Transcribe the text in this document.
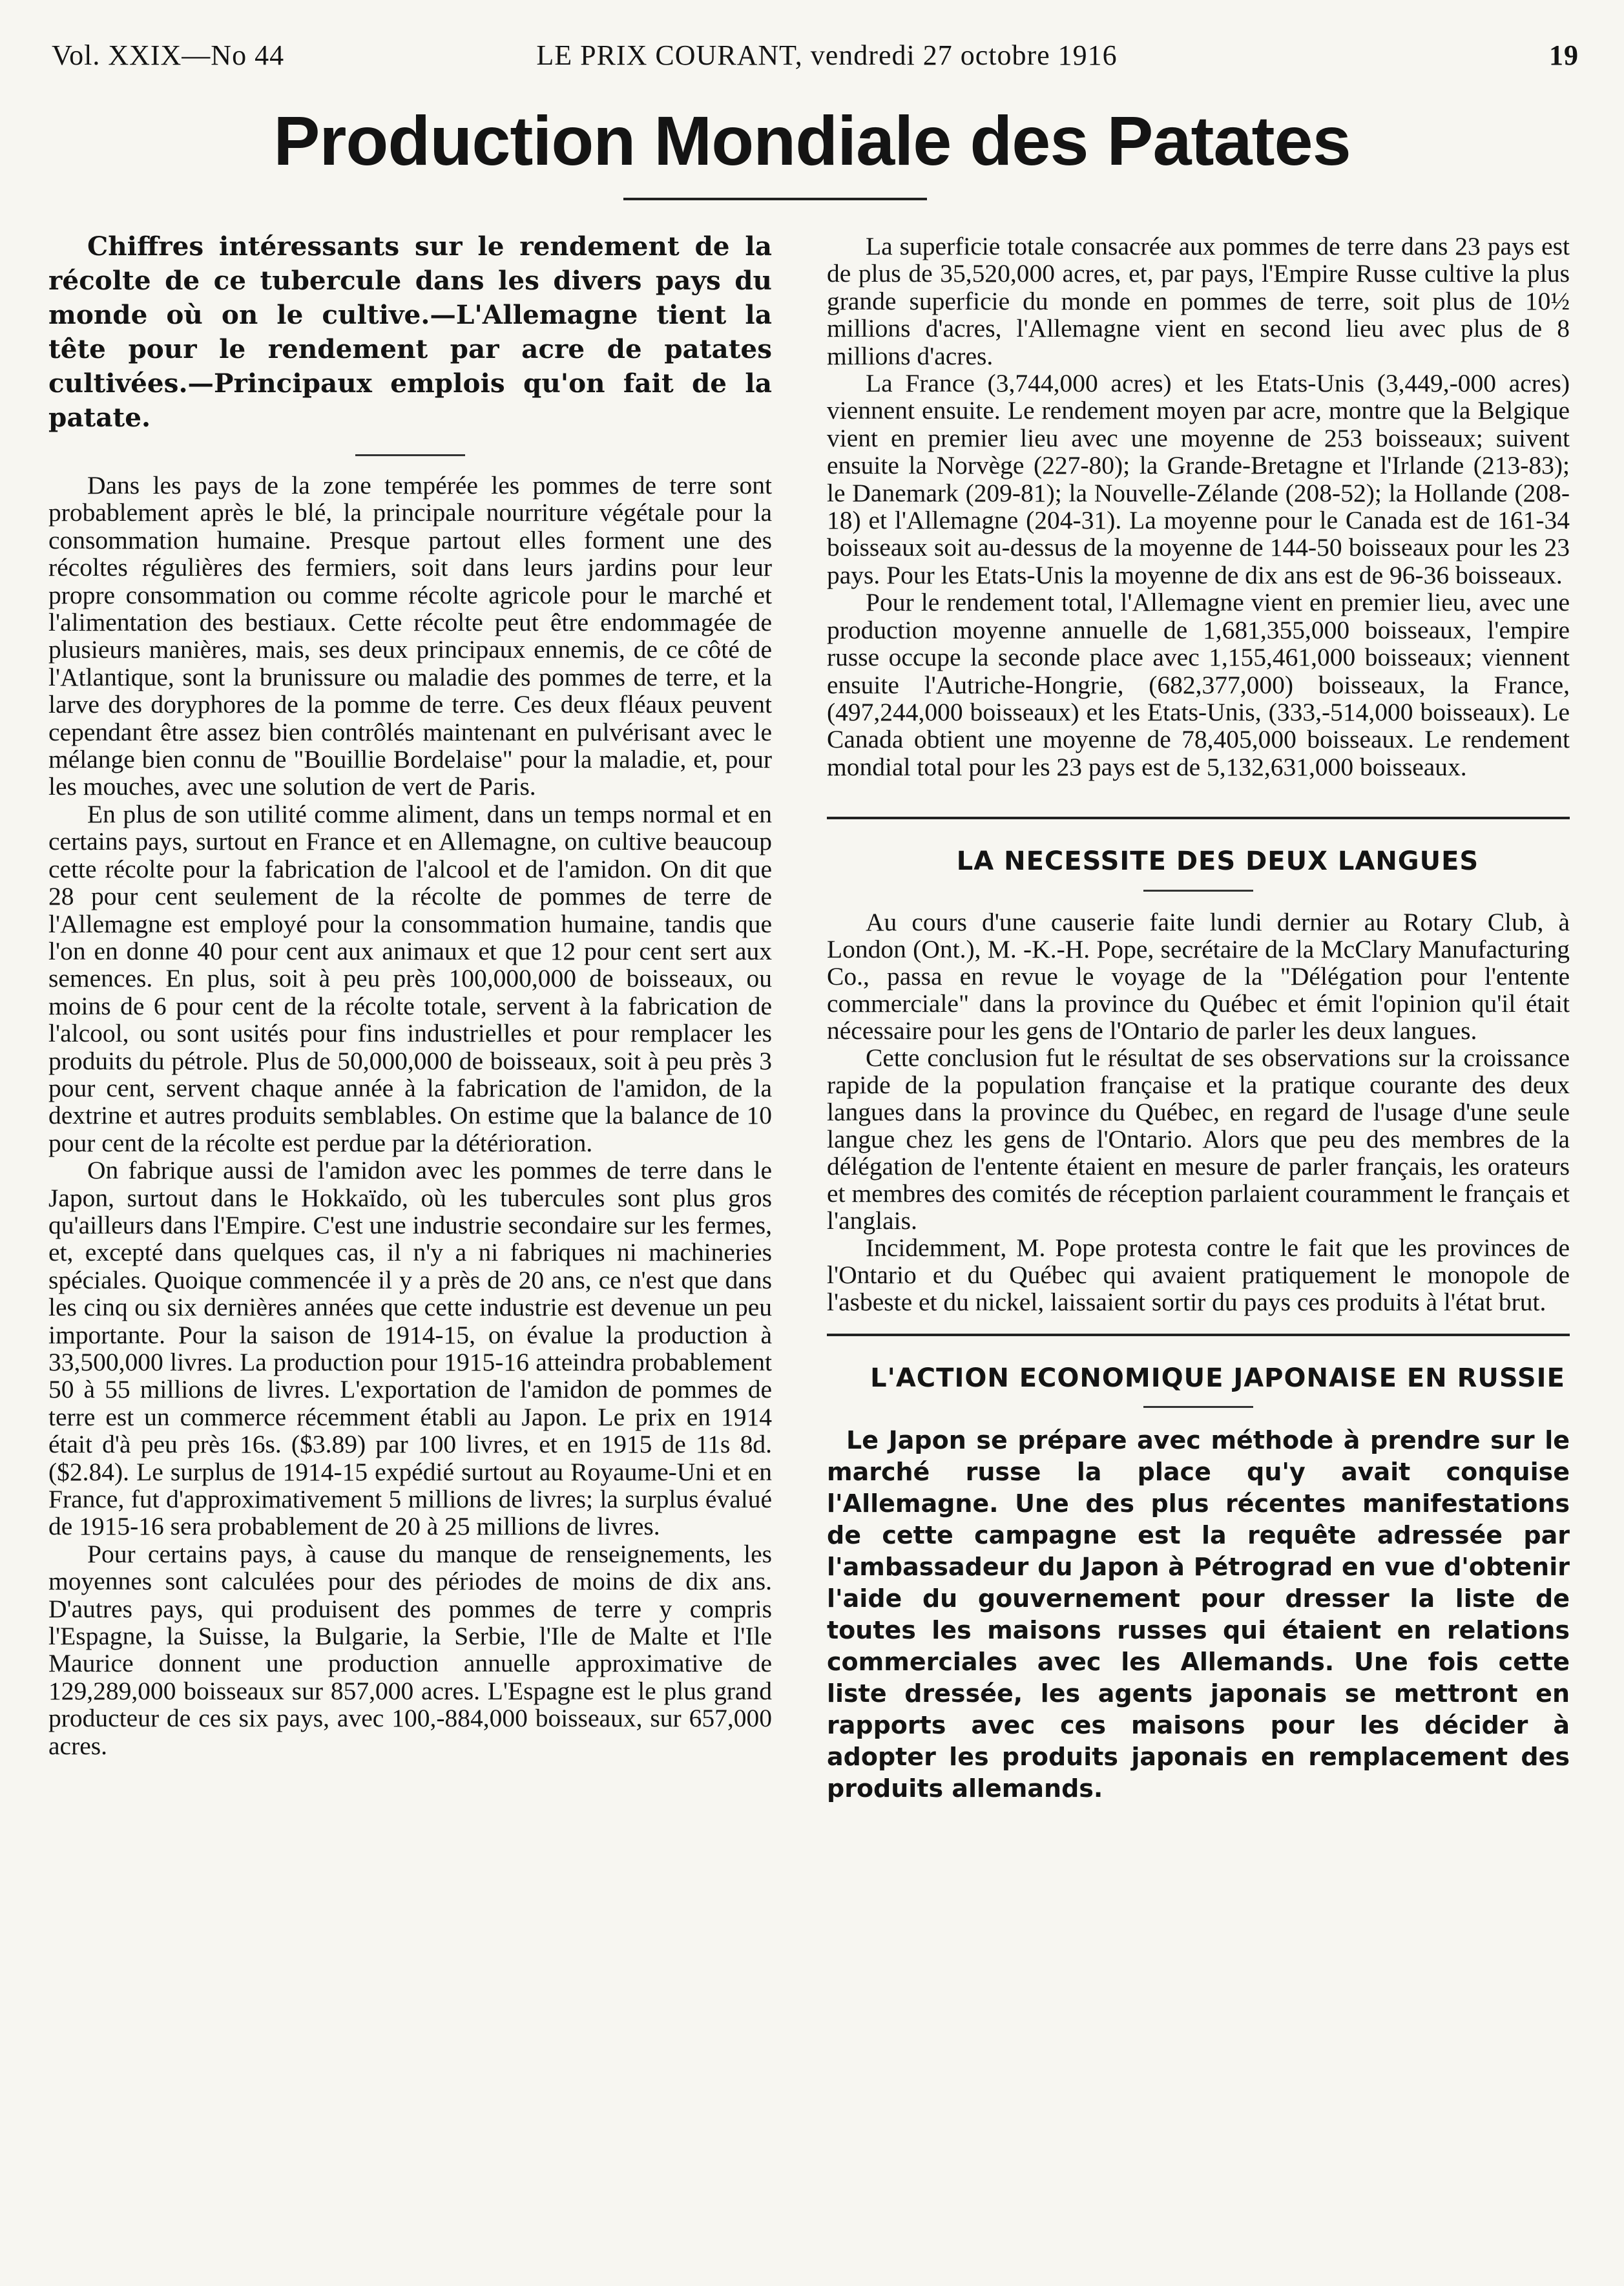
Vol. XXIX—No 44	LE PRIX COURANT, vendredi 27 octobre 1916	19
Production Mondiale des Patates

Chiffres intéressants sur le rendement de la récolte de ce tubercule dans les divers pays du monde où on le cultive.—L'Allemagne tient la tête pour le rendement par acre de patates cultivées.—Principaux emplois qu'on fait de la patate.

Dans les pays de la zone tempérée les pommes de terre sont probablement après le blé, la principale nourriture végétale pour la consommation humaine. Presque partout elles forment une des récoltes régulières des fermiers, soit dans leurs jardins pour leur propre consommation ou comme récolte agricole pour le marché et l'alimentation des bestiaux. Cette récolte peut être endommagée de plusieurs manières, mais, ses deux principaux ennemis, de ce côté de l'Atlantique, sont la brunissure ou maladie des pommes de terre, et la larve des doryphores de la pomme de terre. Ces deux fléaux peuvent cependant être assez bien contrôlés maintenant en pulvérisant avec le mélange bien connu de "Bouillie Bordelaise" pour la maladie, et, pour les mouches, avec une solution de vert de Paris.

En plus de son utilité comme aliment, dans un temps normal et en certains pays, surtout en France et en Allemagne, on cultive beaucoup cette récolte pour la fabrication de l'alcool et de l'amidon. On dit que 28 pour cent seulement de la récolte de pommes de terre de l'Allemagne est employé pour la consommation humaine, tandis que l'on en donne 40 pour cent aux animaux et que 12 pour cent sert aux semences. En plus, soit à peu près 100,000,000 de boisseaux, ou moins de 6 pour cent de la récolte totale, servent à la fabrication de l'alcool, ou sont usités pour fins industrielles et pour remplacer les produits du pétrole. Plus de 50,000,000 de boisseaux, soit à peu près 3 pour cent, servent chaque année à la fabrication de l'amidon, de la dextrine et autres produits semblables. On estime que la balance de 10 pour cent de la récolte est perdue par la détérioration.

On fabrique aussi de l'amidon avec les pommes de terre dans le Japon, surtout dans le Hokkaïdo, où les tubercules sont plus gros qu'ailleurs dans l'Empire. C'est une industrie secondaire sur les fermes, et, excepté dans quelques cas, il n'y a ni fabriques ni machineries spéciales. Quoique commencée il y a près de 20 ans, ce n'est que dans les cinq ou six dernières années que cette industrie est devenue un peu importante. Pour la saison de 1914-15, on évalue la production à 33,500,000 livres. La production pour 1915-16 atteindra probablement 50 à 55 millions de livres. L'exportation de l'amidon de pommes de terre est un commerce récemment établi au Japon. Le prix en 1914 était d'à peu près 16s. ($3.89) par 100 livres, et en 1915 de 11s 8d. ($2.84). Le surplus de 1914-15 expédié surtout au Royaume-Uni et en France, fut d'approximativement 5 millions de livres; la surplus évalué de 1915-16 sera probablement de 20 à 25 millions de livres.

Pour certains pays, à cause du manque de renseignements, les moyennes sont calculées pour des périodes de moins de dix ans. D'autres pays, qui produisent des pommes de terre y compris l'Espagne, la Suisse, la Bulgarie, la Serbie, l'Ile de Malte et l'Ile Maurice donnent une production annuelle approximative de 129,289,000 boisseaux sur 857,000 acres. L'Espagne est le plus grand producteur de ces six pays, avec 100,-884,000 boisseaux, sur 657,000 acres.

La superficie totale consacrée aux pommes de terre dans 23 pays est de plus de 35,520,000 acres, et, par pays, l'Empire Russe cultive la plus grande superficie du monde en pommes de terre, soit plus de 10½ millions d'acres, l'Allemagne vient en second lieu avec plus de 8 millions d'acres.

La France (3,744,000 acres) et les Etats-Unis (3,449,-000 acres) viennent ensuite. Le rendement moyen par acre, montre que la Belgique vient en premier lieu avec une moyenne de 253 boisseaux; suivent ensuite la Norvège (227-80); la Grande-Bretagne et l'Irlande (213-83); le Danemark (209-81); la Nouvelle-Zélande (208-52); la Hollande (208-18) et l'Allemagne (204-31). La moyenne pour le Canada est de 161-34 boisseaux soit au-dessus de la moyenne de 144-50 boisseaux pour les 23 pays. Pour les Etats-Unis la moyenne de dix ans est de 96-36 boisseaux.

Pour le rendement total, l'Allemagne vient en premier lieu, avec une production moyenne annuelle de 1,681,355,000 boisseaux, l'empire russe occupe la seconde place avec 1,155,461,000 boisseaux; viennent ensuite l'Autriche-Hongrie, (682,377,000) boisseaux, la France, (497,244,000 boisseaux) et les Etats-Unis, (333,-514,000 boisseaux). Le Canada obtient une moyenne de 78,405,000 boisseaux. Le rendement mondial total pour les 23 pays est de 5,132,631,000 boisseaux.

LA NECESSITE DES DEUX LANGUES

Au cours d'une causerie faite lundi dernier au Rotary Club, à London (Ont.), M. -K.-H. Pope, secrétaire de la McClary Manufacturing Co., passa en revue le voyage de la "Délégation pour l'entente commerciale" dans la province du Québec et émit l'opinion qu'il était nécessaire pour les gens de l'Ontario de parler les deux langues.

Cette conclusion fut le résultat de ses observations sur la croissance rapide de la population française et la pratique courante des deux langues dans la province du Québec, en regard de l'usage d'une seule langue chez les gens de l'Ontario. Alors que peu des membres de la délégation de l'entente étaient en mesure de parler français, les orateurs et membres des comités de réception parlaient couramment le français et l'anglais.

Incidemment, M. Pope protesta contre le fait que les provinces de l'Ontario et du Québec qui avaient pratiquement le monopole de l'asbeste et du nickel, laissaient sortir du pays ces produits à l'état brut.

L'ACTION ECONOMIQUE JAPONAISE EN RUSSIE

Le Japon se prépare avec méthode à prendre sur le marché russe la place qu'y avait conquise l'Allemagne. Une des plus récentes manifestations de cette campagne est la requête adressée par l'ambassadeur du Japon à Pétrograd en vue d'obtenir l'aide du gouvernement pour dresser la liste de toutes les maisons russes qui étaient en relations commerciales avec les Allemands. Une fois cette liste dressée, les agents japonais se mettront en rapports avec ces maisons pour les décider à adopter les produits japonais en remplacement des produits allemands.
